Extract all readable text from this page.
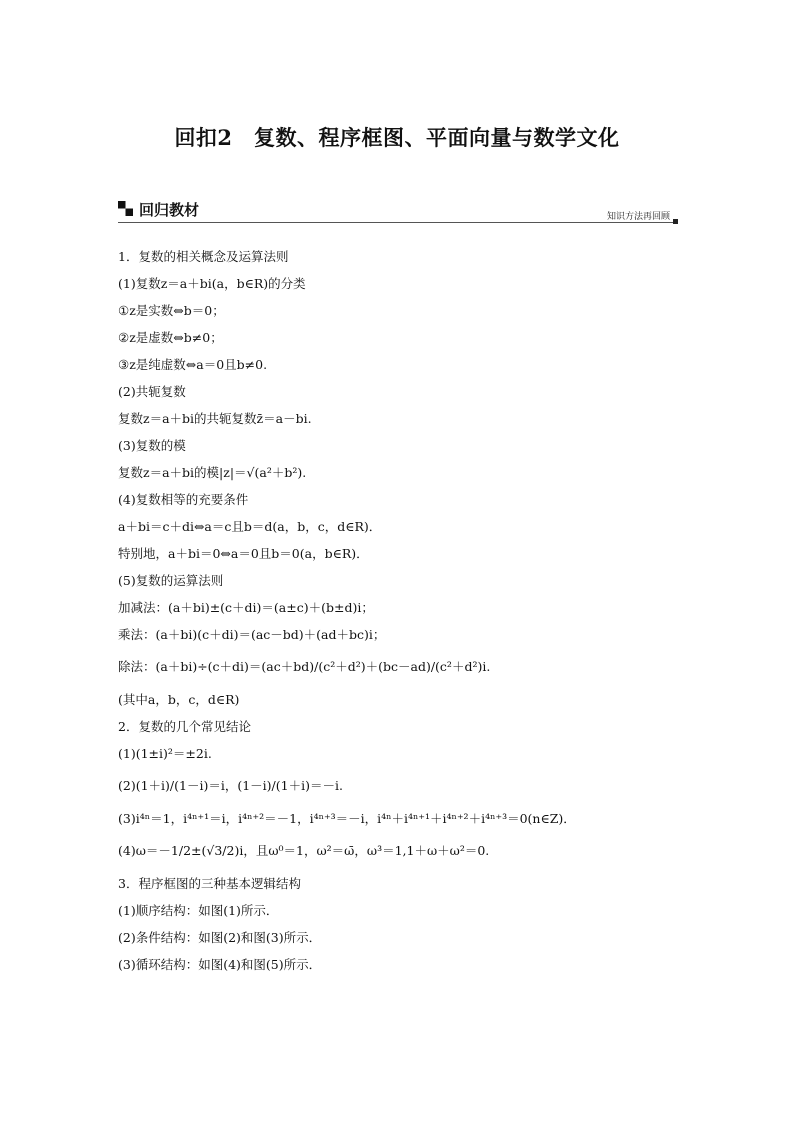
回扣2　复数、程序框图、平面向量与数学文化
回归教材	知识方法再回顾
1．复数的相关概念及运算法则
(1)复数z＝a＋bi(a，b∈R)的分类
①z是实数⇔b＝0；
②z是虚数⇔b≠0；
③z是纯虚数⇔a＝0且b≠0.
(2)共轭复数
复数z＝a＋bi的共轭复数z̄＝a－bi.
(3)复数的模
复数z＝a＋bi的模|z|＝√(a²＋b²).
(4)复数相等的充要条件
a＋bi＝c＋di⇔a＝c且b＝d(a，b，c，d∈R)．
特别地，a＋bi＝0⇔a＝0且b＝0(a，b∈R)．
(5)复数的运算法则
加减法：(a＋bi)±(c＋di)＝(a±c)＋(b±d)i；
乘法：(a＋bi)(c＋di)＝(ac－bd)＋(ad＋bc)i；
除法：(a＋bi)÷(c＋di)＝(ac＋bd)/(c²＋d²)＋(bc－ad)/(c²＋d²)i.
(其中a，b，c，d∈R)
2．复数的几个常见结论
(1)(1±i)²＝±2i.
(2)(1＋i)/(1－i)＝i，(1－i)/(1＋i)＝－i.
(3)i⁴ⁿ＝1，i⁴ⁿ⁺¹＝i，i⁴ⁿ⁺²＝－1，i⁴ⁿ⁺³＝－i，i⁴ⁿ＋i⁴ⁿ⁺¹＋i⁴ⁿ⁺²＋i⁴ⁿ⁺³＝0(n∈Z)．
(4)ω＝－1/2±(√3/2)i，且ω⁰＝1，ω²＝ω̄，ω³＝1,1＋ω＋ω²＝0.
3．程序框图的三种基本逻辑结构
(1)顺序结构：如图(1)所示．
(2)条件结构：如图(2)和图(3)所示．
(3)循环结构：如图(4)和图(5)所示．
